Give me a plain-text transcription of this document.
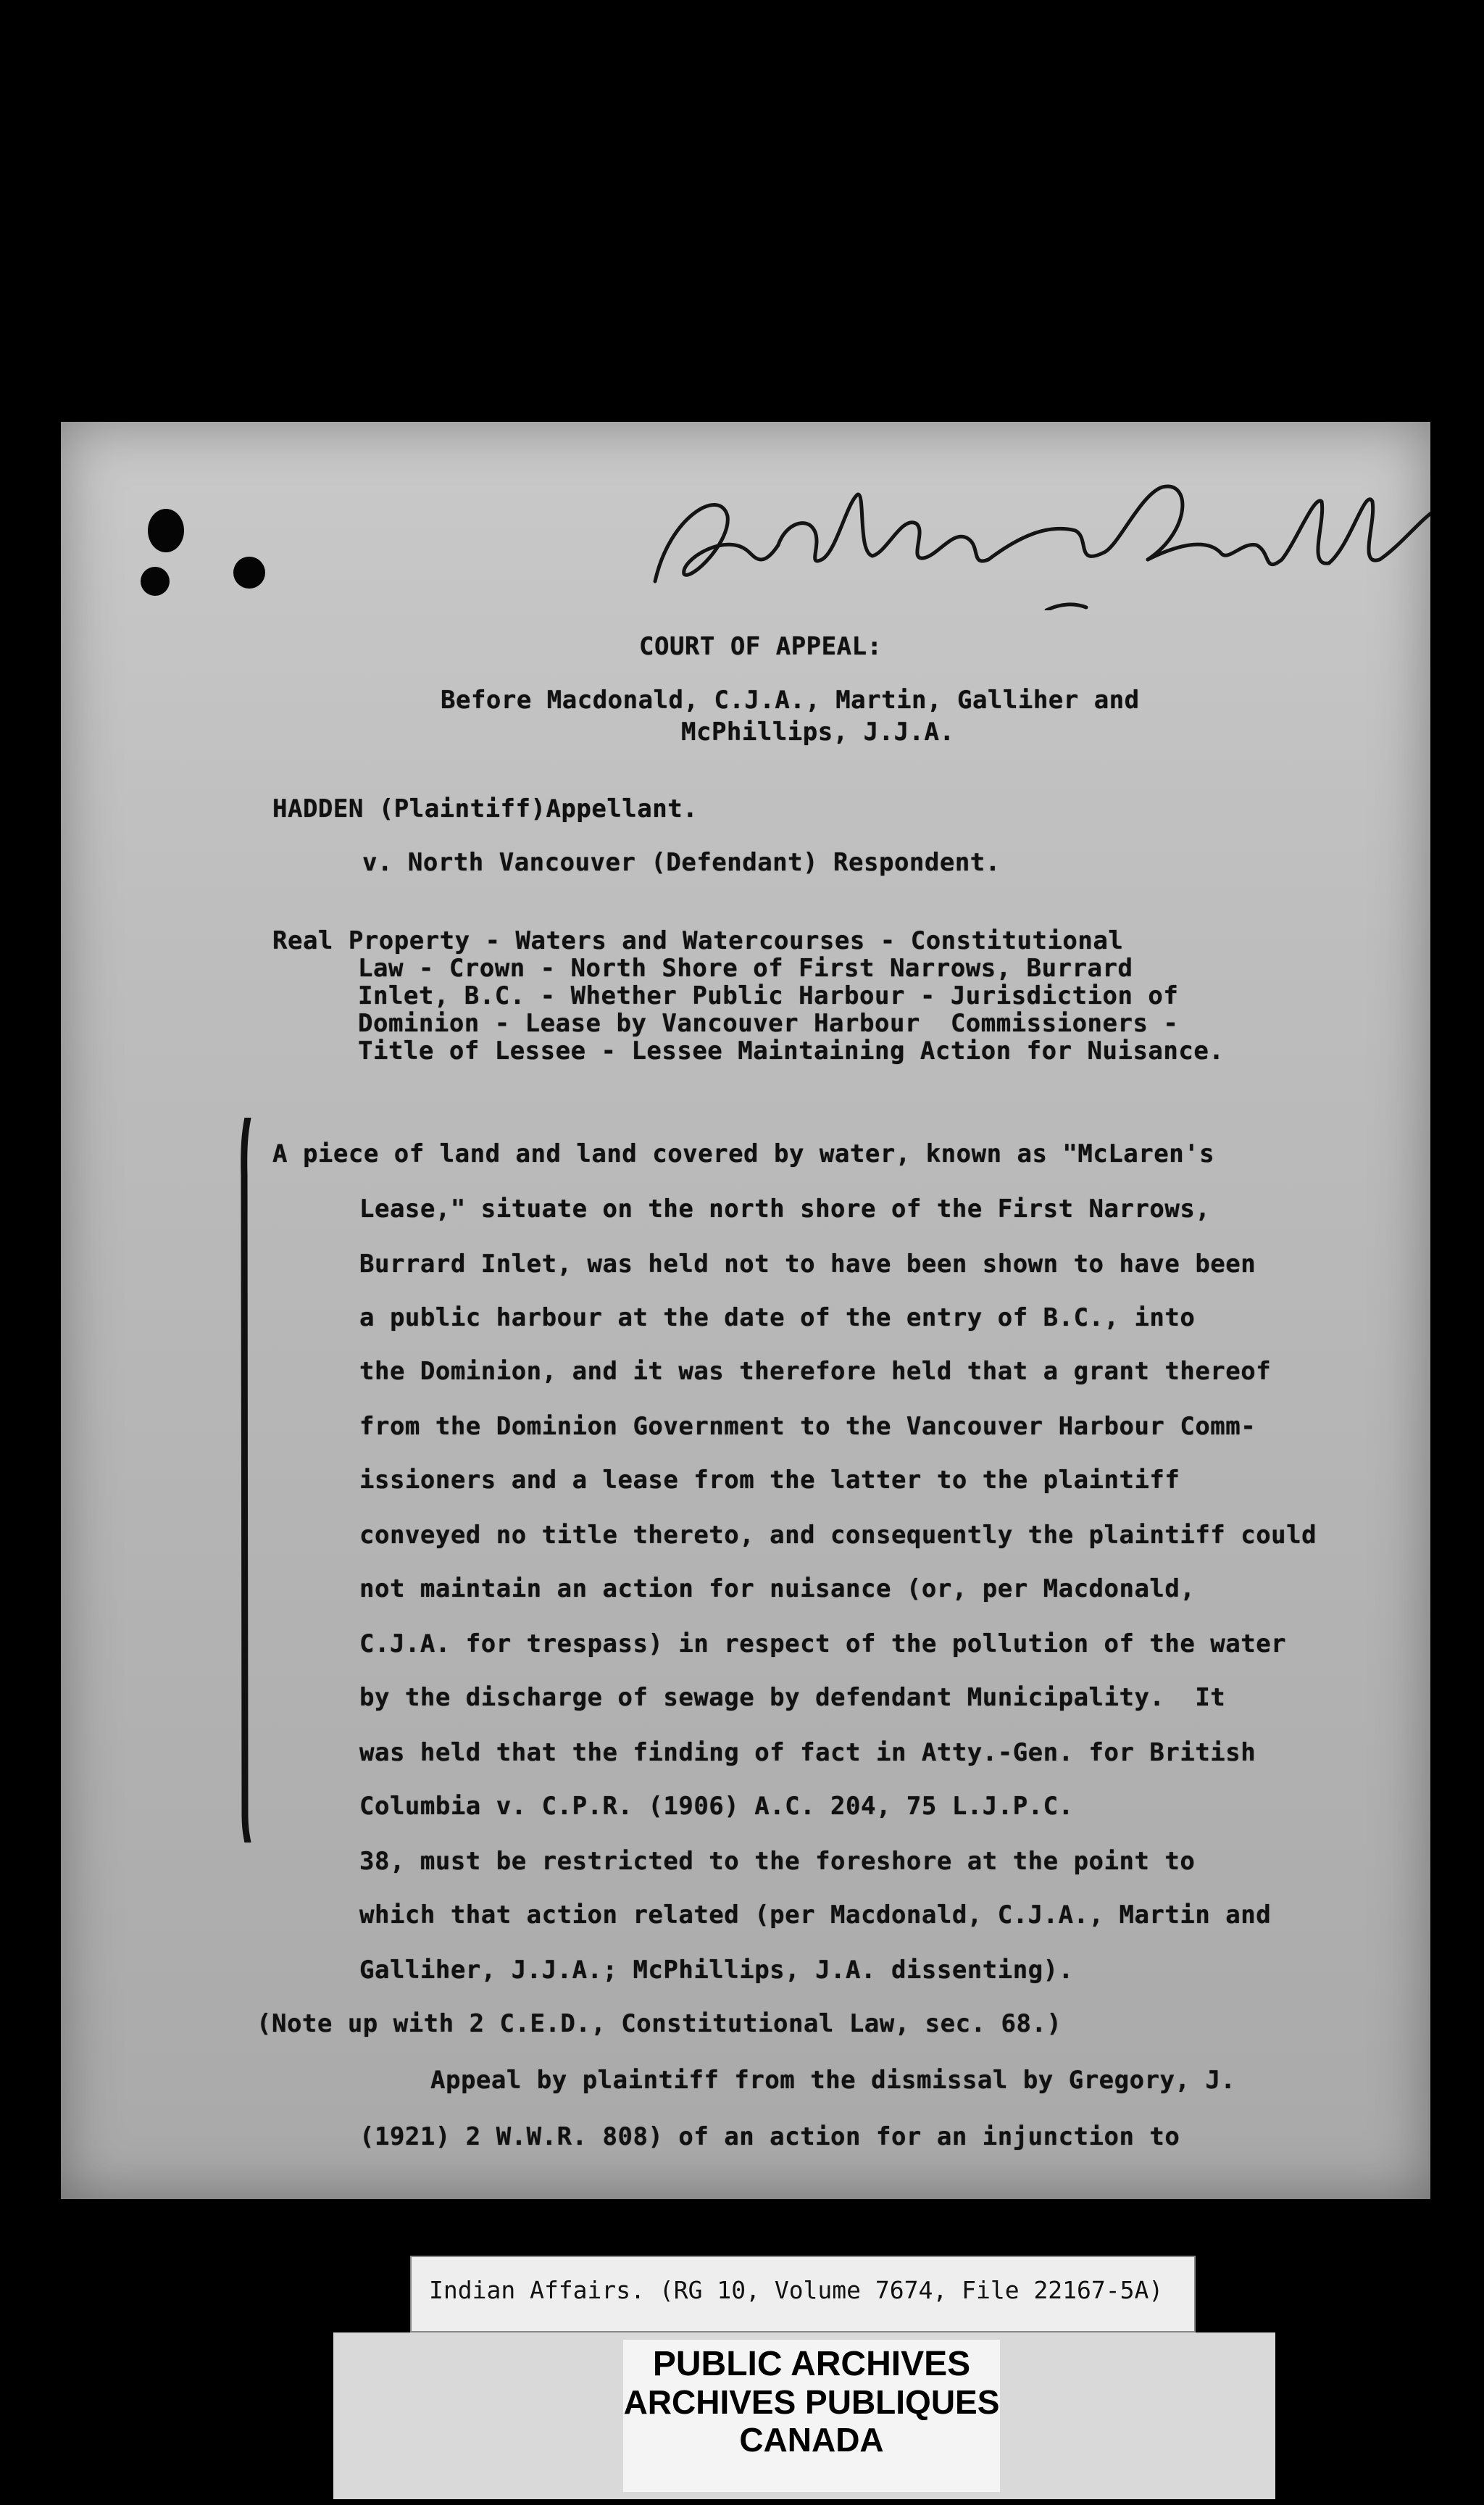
COURT OF APPEAL:
Before Macdonald, C.J.A., Martin, Galliher and
McPhillips, J.J.A.
HADDEN (Plaintiff)Appellant.
v. North Vancouver (Defendant) Respondent.
Real Property - Waters and Watercourses - Constitutional
Law - Crown - North Shore of First Narrows, Burrard
Inlet, B.C. - Whether Public Harbour - Jurisdiction of
Dominion - Lease by Vancouver Harbour  Commissioners -
Title of Lessee - Lessee Maintaining Action for Nuisance.
A piece of land and land covered by water, known as "McLaren's
Lease," situate on the north shore of the First Narrows,
Burrard Inlet, was held not to have been shown to have been
a public harbour at the date of the entry of B.C., into
the Dominion, and it was therefore held that a grant thereof
from the Dominion Government to the Vancouver Harbour Comm-
issioners and a lease from the latter to the plaintiff
conveyed no title thereto, and consequently the plaintiff could
not maintain an action for nuisance (or, per Macdonald,
C.J.A. for trespass) in respect of the pollution of the water
by the discharge of sewage by defendant Municipality.  It
was held that the finding of fact in Atty.-Gen. for British
Columbia v. C.P.R. (1906) A.C. 204, 75 L.J.P.C.
38, must be restricted to the foreshore at the point to
which that action related (per Macdonald, C.J.A., Martin and
Galliher, J.J.A.; McPhillips, J.A. dissenting).
(Note up with 2 C.E.D., Constitutional Law, sec. 68.)
Appeal by plaintiff from the dismissal by Gregory, J.
(1921) 2 W.W.R. 808) of an action for an injunction to
Indian Affairs. (RG 10, Volume 7674, File 22167-5A)
PUBLIC ARCHIVES
ARCHIVES PUBLIQUES
CANADA
